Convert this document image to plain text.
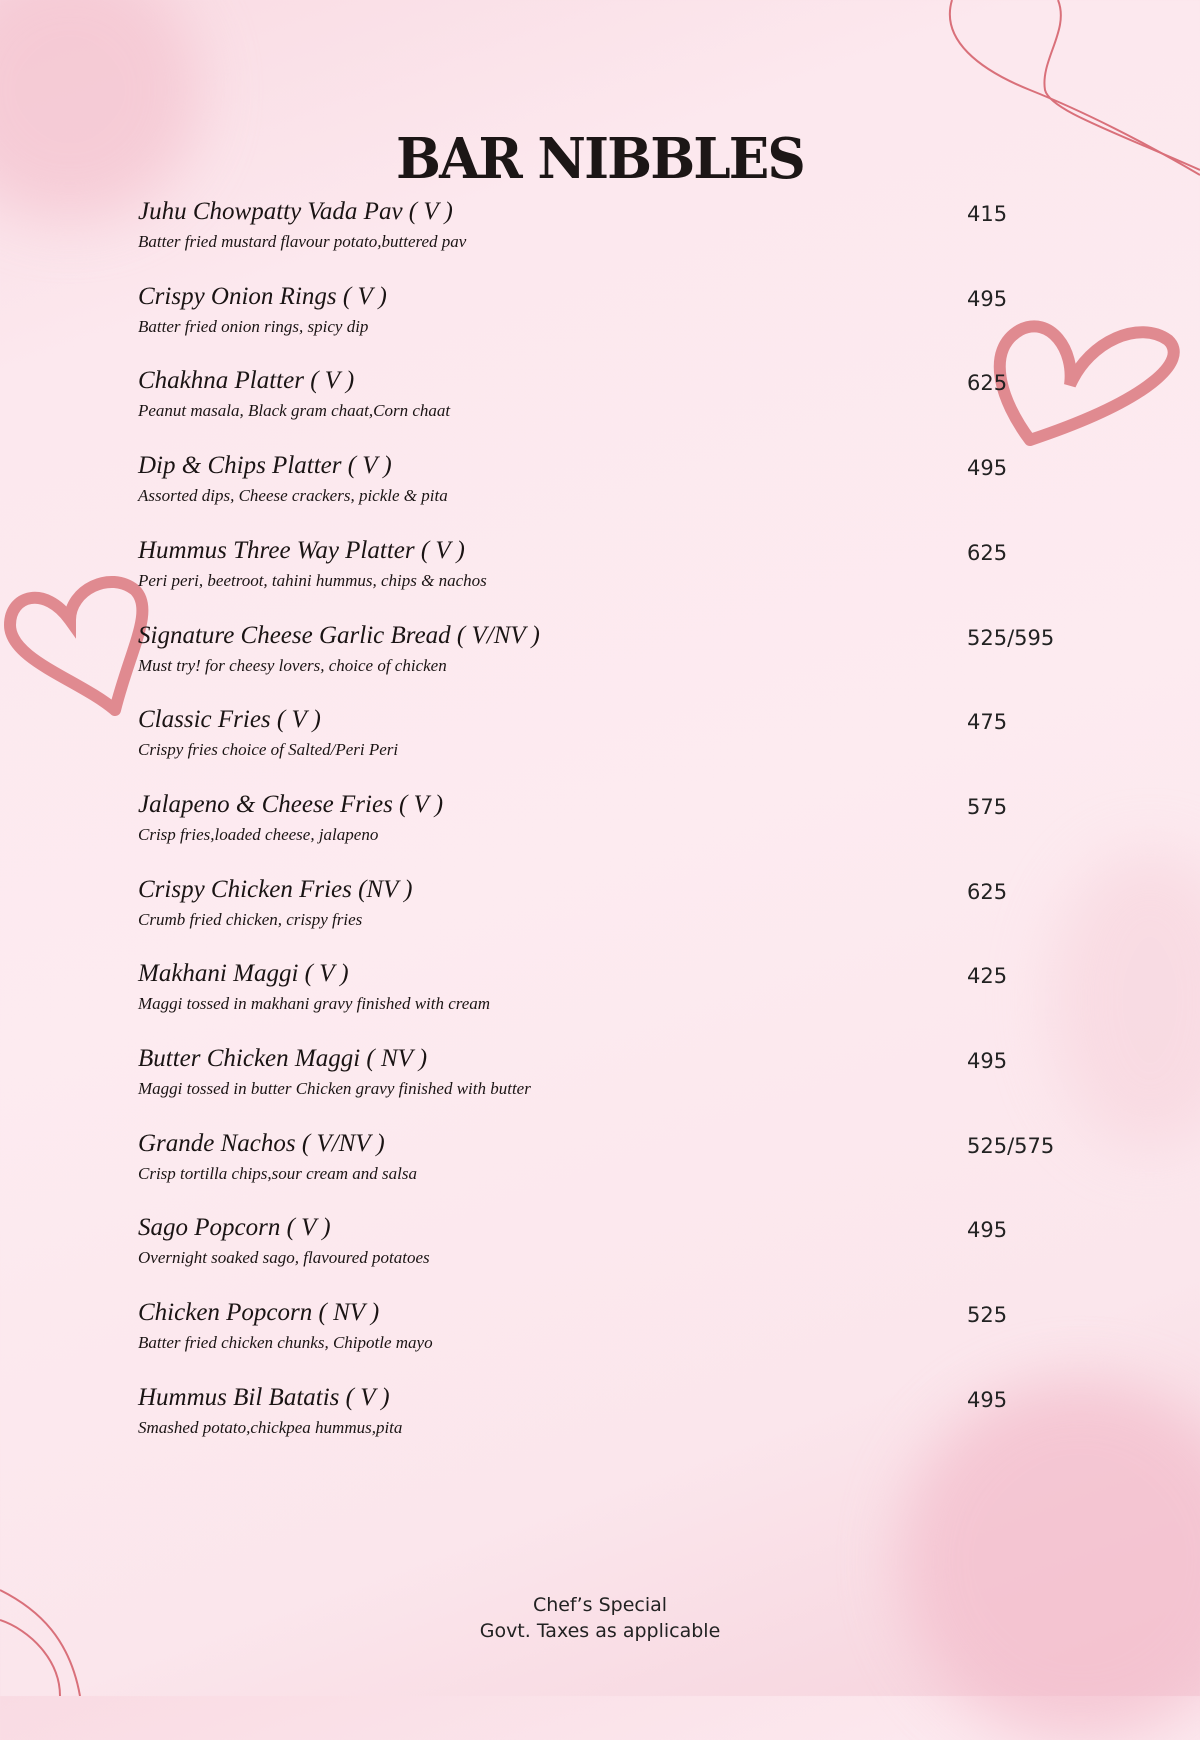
BAR NIBBLES
Juhu Chowpatty Vada Pav ( V )
Batter fried mustard flavour potato,buttered pav
415
Crispy Onion Rings ( V )
Batter fried onion rings, spicy dip
495
Chakhna Platter ( V )
Peanut masala, Black gram chaat,Corn chaat
625
Dip & Chips Platter ( V )
Assorted dips, Cheese crackers, pickle & pita
495
Hummus Three Way Platter ( V )
Peri peri, beetroot, tahini hummus, chips & nachos
625
Signature Cheese Garlic Bread ( V/NV )
Must try! for cheesy lovers, choice of chicken
525/595
Classic Fries ( V )
Crispy fries choice of Salted/Peri Peri
475
Jalapeno & Cheese Fries ( V )
Crisp fries,loaded cheese, jalapeno
575
Crispy Chicken Fries (NV )
Crumb fried chicken, crispy fries
625
Makhani Maggi ( V )
Maggi tossed in makhani gravy finished with cream
425
Butter Chicken Maggi ( NV )
Maggi tossed in butter Chicken gravy finished with butter
495
Grande Nachos ( V/NV )
Crisp tortilla chips,sour cream and salsa
525/575
Sago Popcorn ( V )
Overnight soaked sago, flavoured potatoes
495
Chicken Popcorn ( NV )
Batter fried chicken chunks, Chipotle mayo
525
Hummus Bil Batatis ( V )
Smashed potato,chickpea hummus,pita
495
Chef’s Special
Govt. Taxes as applicable
